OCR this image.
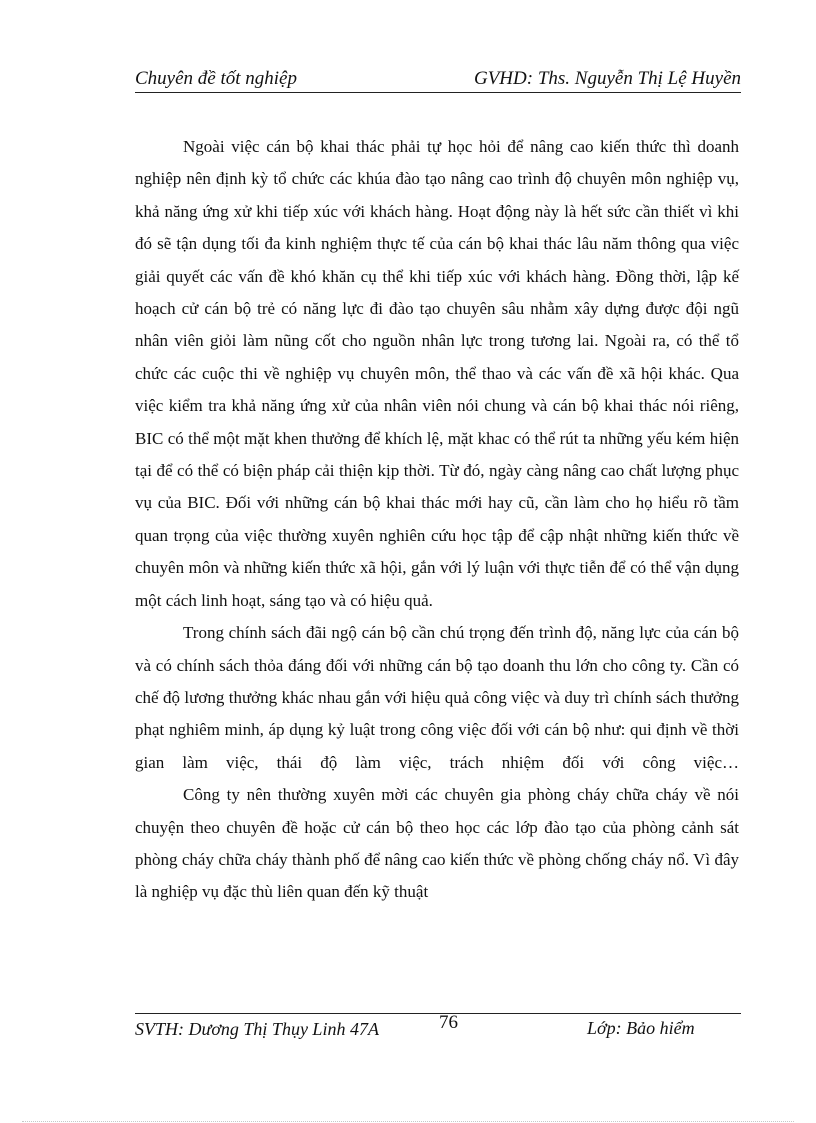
Chuyên đề tốt nghiệp	GVHD: Ths. Nguyễn Thị Lệ Huyền

Ngoài việc cán bộ khai thác phải tự học hỏi để nâng cao kiến thức thì doanh nghiệp nên định kỳ tổ chức các khúa đào tạo nâng cao trình độ chuyên môn nghiệp vụ, khả năng ứng xử khi tiếp xúc với khách hàng. Hoạt động này là hết sức cần thiết vì khi đó sẽ tận dụng tối đa kinh nghiệm thực tế của cán bộ khai thác lâu năm thông qua việc giải quyết các vấn đề khó khăn cụ thể khi tiếp xúc với khách hàng. Đồng thời, lập kế hoạch cử cán bộ trẻ có năng lực đi đào tạo chuyên sâu nhằm xây dựng được đội ngũ nhân viên giỏi làm nũng cốt cho nguồn nhân lực trong tương lai. Ngoài ra, có thể tổ chức các cuộc thi về nghiệp vụ chuyên môn, thể thao và các vấn đề xã hội khác. Qua việc kiểm tra khả năng ứng xử của nhân viên nói chung và cán bộ khai thác nói riêng, BIC có thể một mặt khen thưởng để khích lệ, mặt khac có thể rút ta những yếu kém hiện tại để có thể có biện pháp cải thiện kịp thời. Từ đó, ngày càng nâng cao chất lượng phục vụ của BIC. Đối với những cán bộ khai thác mới hay cũ, cần làm cho họ hiểu rõ tầm quan trọng của việc thường xuyên nghiên cứu học tập để cập nhật những kiến thức về chuyên môn và những kiến thức xã hội, gắn với lý luận với thực tiễn để có thể vận dụng một cách linh hoạt, sáng tạo và có hiệu quả.

Trong chính sách đãi ngộ cán bộ cần chú trọng đến trình độ, năng lực của cán bộ và có chính sách thỏa đáng đối với những cán bộ tạo doanh thu lớn cho công ty. Cần có chế độ lương thưởng khác nhau gắn với hiệu quả công việc và duy trì chính sách thưởng phạt nghiêm minh, áp dụng kỷ luật trong công việc đối với cán bộ như: qui định về thời gian làm việc, thái độ làm việc, trách nhiệm đối với công việc…

Công ty nên thường xuyên mời các chuyên gia phòng cháy chữa cháy về nói chuyện theo chuyên đề hoặc cử cán bộ theo học các lớp đào tạo của phòng cảnh sát phòng cháy chữa cháy thành phố để nâng cao kiến thức về phòng chống cháy nổ. Vì đây là nghiệp vụ đặc thù liên quan đến kỹ thuật

SVTH: Dương Thị Thụy Linh 47A	76	Lớp: Bảo hiểm
